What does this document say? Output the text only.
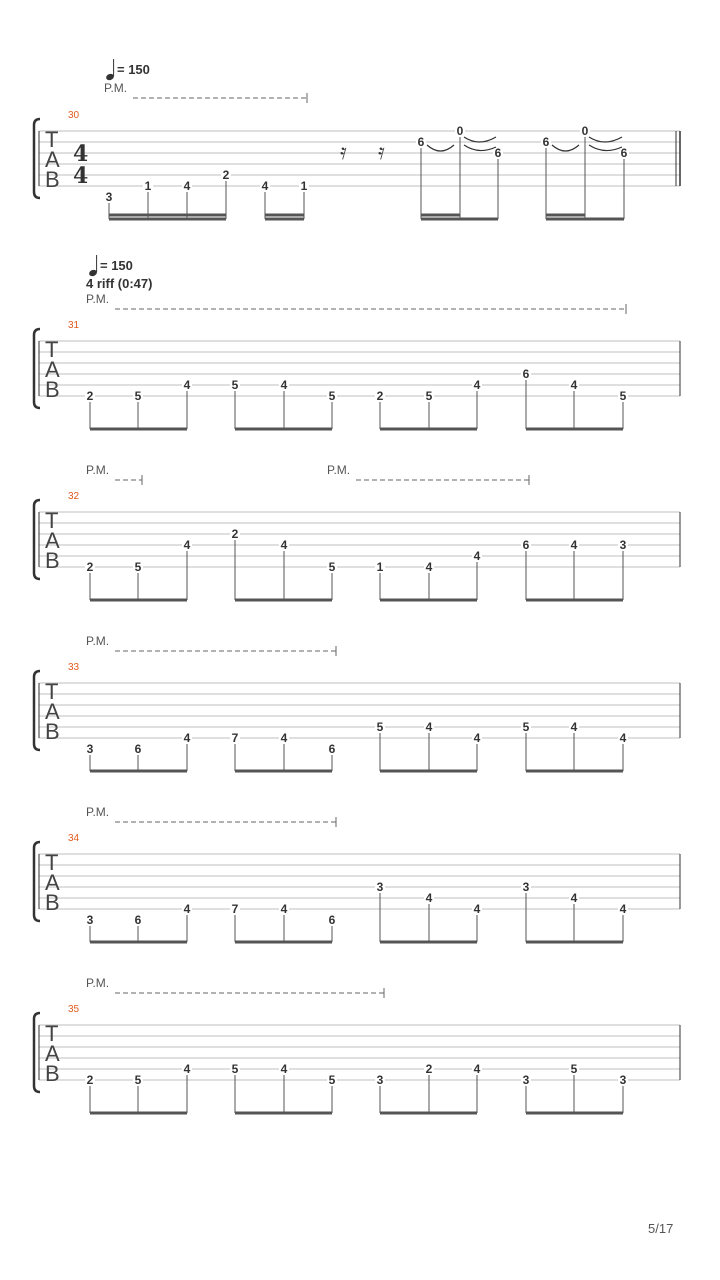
= 150
P.M.
30
T
A
B
4
4
𝄿 𝄿
3
1	4
2
4	1
6
0
6
6
0
6
= 150
4 riff (0:47)
P.M.
31
T
A
B 2	5
4	5	4
5	2	5
4
6
4
5
P.M.	P.M.
32
T
A
B 2	5
4
2
4
5	1	4
4
6	4	3
P.M.
33
T
A
B
3	6
4	7	4
6
5	4
4
5	4
4
P.M.
34
T
A
B
3	6
4	7	4
6
3
4
4
3
4
4
P.M.
35
T
A
B 2	5
4	5	4
5	3
2	4
3
5
3
5/17
